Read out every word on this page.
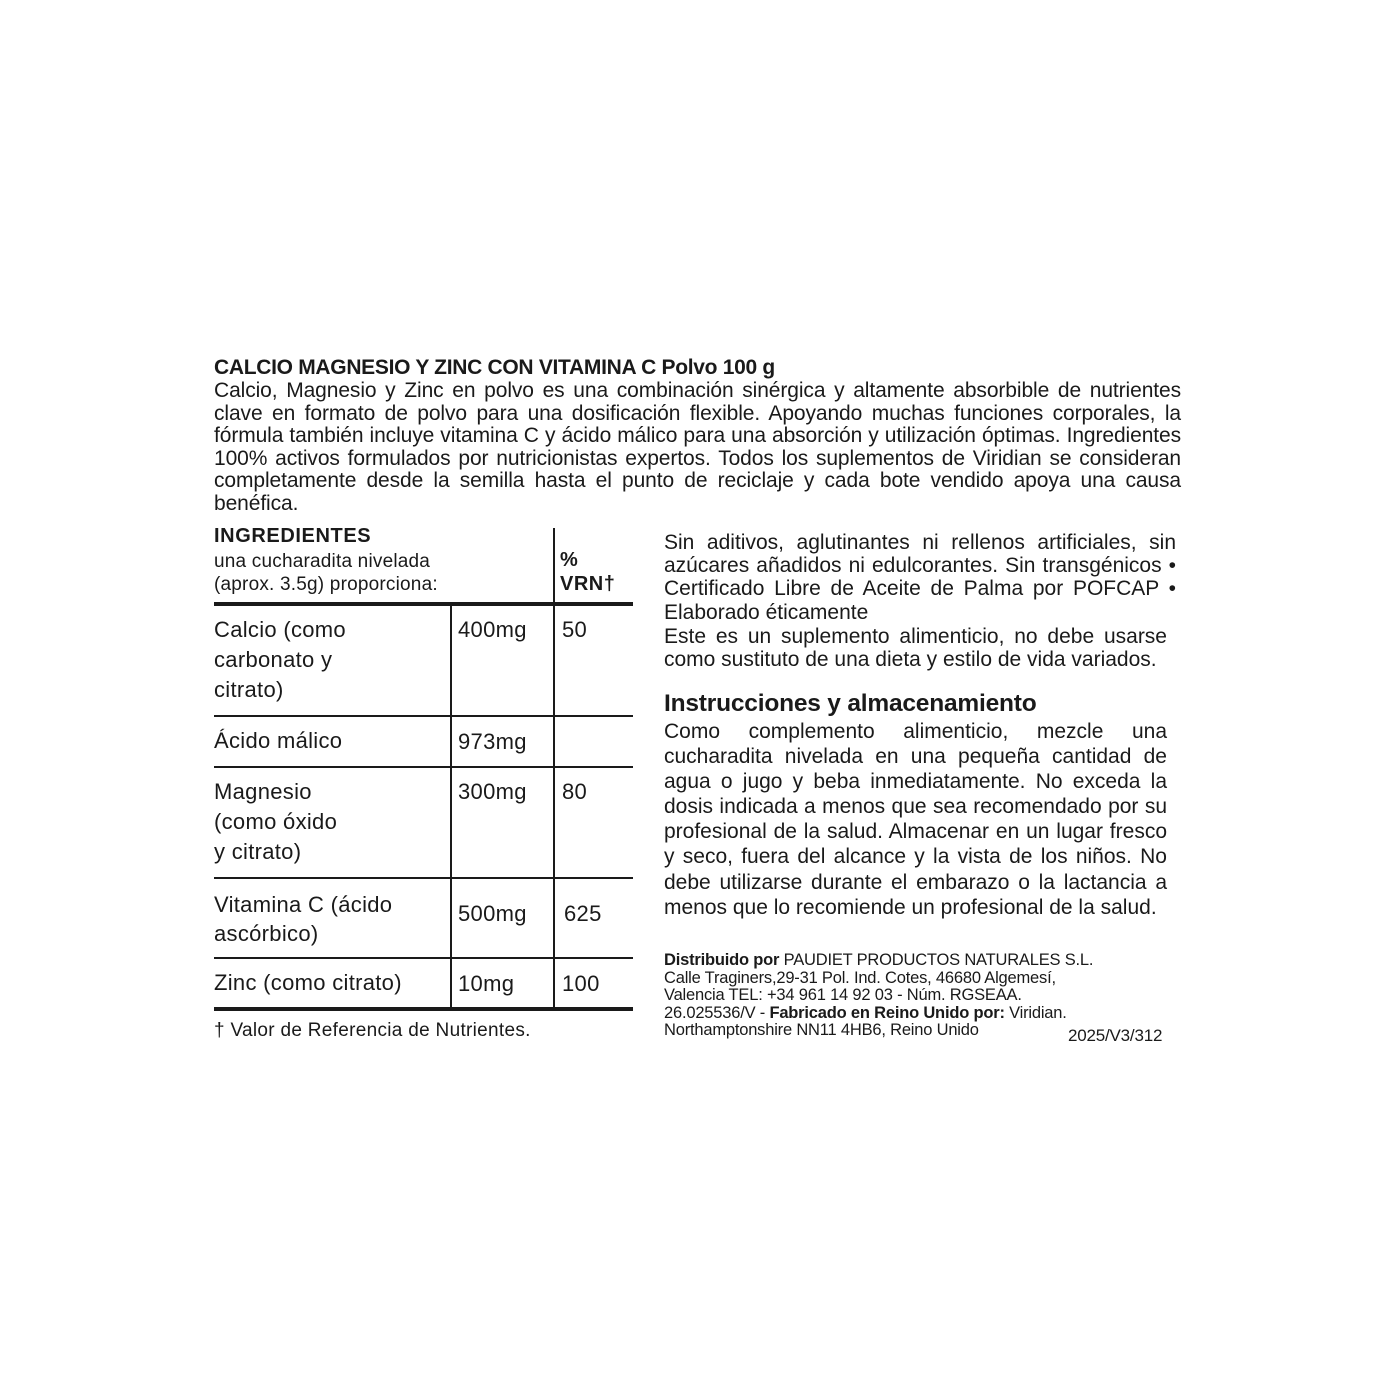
CALCIO MAGNESIO Y ZINC CON VITAMINA C Polvo 100 g
Calcio, Magnesio y Zinc en polvo es una combinación sinérgica y altamente absorbible de nutrientes clave en formato de polvo para una dosificación flexible. Apoyando muchas funciones corporales, la fórmula también incluye vitamina C y ácido málico para una absorción y utilización óptimas. Ingredientes 100% activos formulados por nutricionistas expertos. Todos los suplementos de Viridian se consideran completamente desde la semilla hasta el punto de reciclaje y cada bote vendido apoya una causa benéfica.
INGREDIENTES
una cucharadita nivelada
(aprox. 3.5g) proporciona:
%
VRN†
Calcio (como
carbonato y
citrato)
400mg 50
Ácido málico	973mg
Magnesio
(como óxido
y citrato)
300mg 80
Vitamina C (ácido
ascórbico)
500mg 625
Zinc (como citrato)	10mg 100
† Valor de Referencia de Nutrientes.
Sin aditivos, aglutinantes ni rellenos artificiales, sin azúcares añadidos ni edulcorantes. Sin transgénicos • Certificado Libre de Aceite de Palma por POFCAP • Elaborado éticamente
Este es un suplemento alimenticio, no debe usarse como sustituto de una dieta y estilo de vida variados.
Instrucciones y almacenamiento
Como complemento alimenticio, mezcle una cucharadita nivelada en una pequeña cantidad de agua o jugo y beba inmediatamente. No exceda la dosis indicada a menos que sea recomendado por su profesional de la salud. Almacenar en un lugar fresco y seco, fuera del alcance y la vista de los niños. No debe utilizarse durante el embarazo o la lactancia a menos que lo recomiende un profesional de la salud.
Distribuido por PAUDIET PRODUCTOS NATURALES S.L.
Calle Traginers,29-31 Pol. Ind. Cotes, 46680 Algemesí,
Valencia TEL: +34 961 14 92 03 - Núm. RGSEAA.
26.025536/V - Fabricado en Reino Unido por: Viridian.
Northamptonshire NN11 4HB6, Reino Unido	2025/V3/312
